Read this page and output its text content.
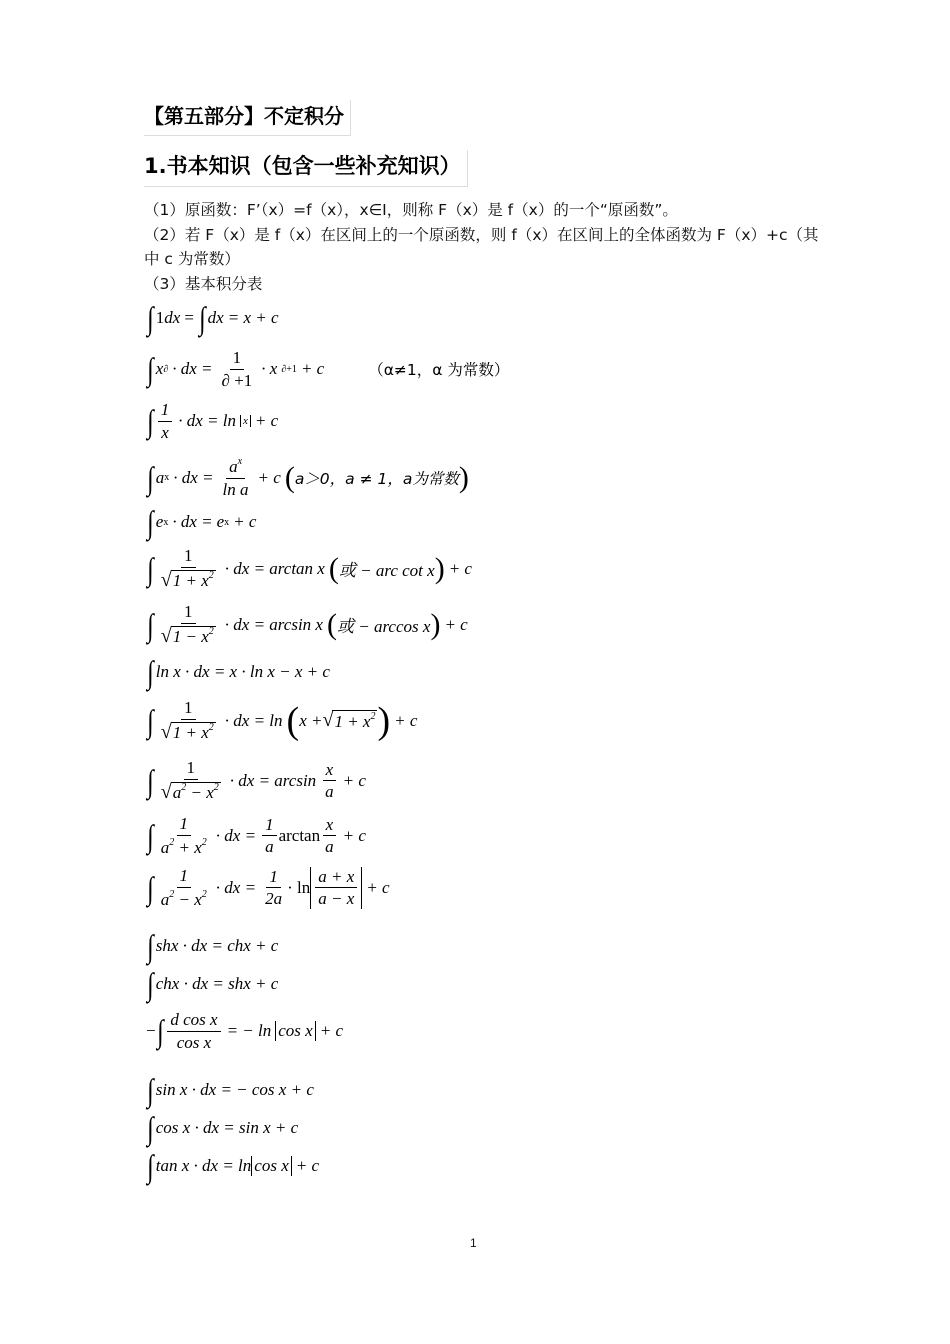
【第五部分】不定积分
1.书本知识（包含一些补充知识）

（1）原函数：F’（x）=f（x），x∈I，则称 F（x）是 f（x）的一个“原函数”。

（2）若 F（x）是 f（x）在区间上的一个原函数，则 f（x）在区间上的全体函数为 F（x）+c（其中 c 为常数）

（3）基本积分表

∫ 1 dx = ∫ dx = x + c
∫ x ∂ · dx = $\frac{1}{\partial +1} \cdot x$ ∂+1 + c	（α≠1，α 为常数）
∫ $\frac{1}{x}$ · dx = ln x + c
∫ a x · dx = $\frac{a^x}{\text{ln a}} + c$ ( a＞0，a ≠ 1，a为常数 )
∫ e x · dx = e x + c
∫ $\frac{1}{√1 + x^2}$ · dx = arctan x ( 或 − arc cot x ) + c
∫ $\frac{1}{√1 - x^2}$ · dx = arcsin x ( 或 − arccos x ) + c
∫ ln x · dx = x · ln x − x + c
∫ $\frac{1}{√1 + x^2}$ · dx = ln ( x + √ $1 + x^2$ ) + c
∫ $\frac{1}{√a^2 - x^2}$ · dx = $\arcsin \frac{x}{a} + c$
∫ $\frac{1}{a^2 + x^2}$ · dx = $\frac{1}{a}$ $\arctan \frac{x}{a} + c$
∫ $\frac{1}{a^2 - x^2}$ · dx = $\frac{1}{2a} \cdot \ln \frac{a + x}{a - x} + c$
∫ shx · dx = chx + c
∫ chx · dx = shx + c
− ∫ $\frac{\text{d cos x}}{\text{cos x}}$ = − ln cos x + c
∫ sin x · dx = − cos x + c
∫ cos x · dx = sin x + c
∫ tan x · dx = ln cos x + c
1
